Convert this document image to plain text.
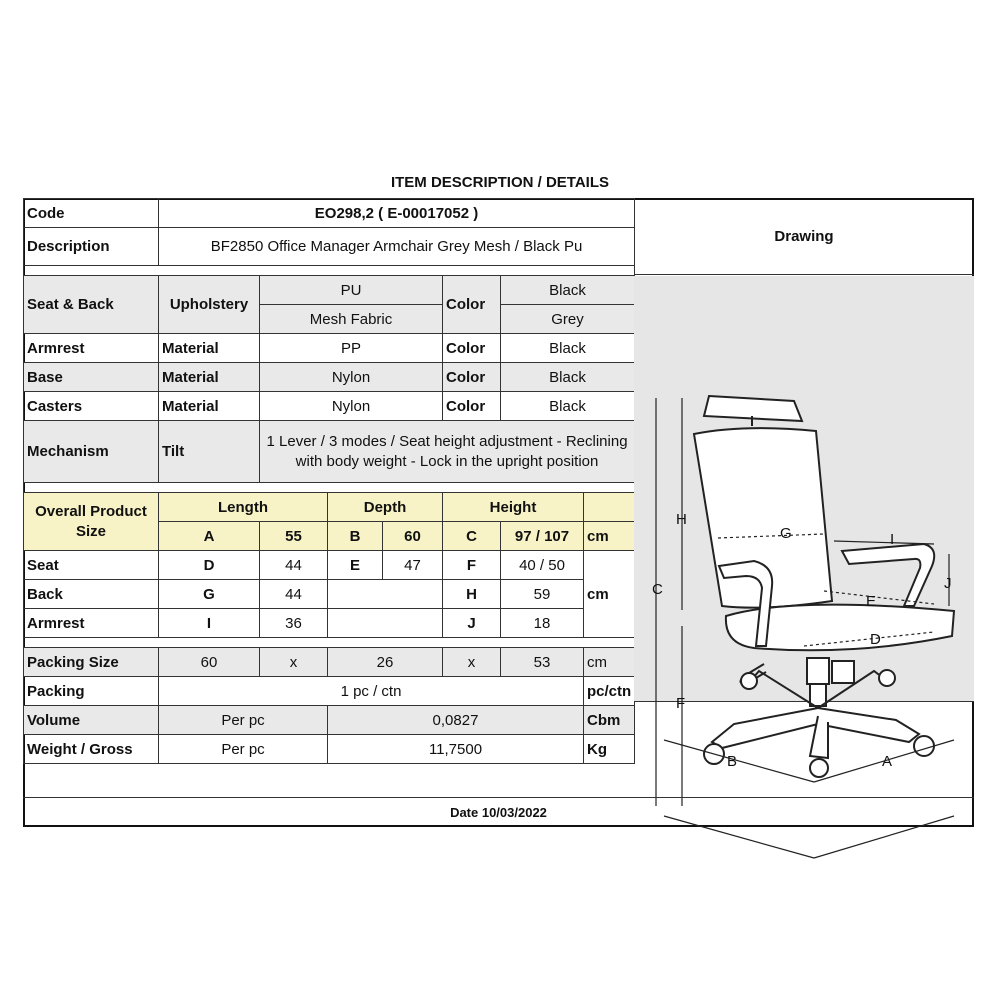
ITEM DESCRIPTION / DETAILS
Code	EO298,2 ( E-00017052 )						
Description	BF2850 Office Manager Armchair Grey Mesh / Black Pu						

Seat & Back	Upholstery	PU			Color	Black	
		Mesh Fabric				Grey	
Armrest	Material	PP			Color	Black	
Base	Material	Nylon			Color	Black	
Casters	Material	Nylon			Color	Black	
Mechanism	Tilt	1 Lever / 3 modes / Seat height adjustment - Reclining with body weight - Lock in the upright position					

Overall Product Size	Length		Depth		Height		
	A	55	B	60	C	97 / 107	cm
Seat	D	44	E	47	F	40 / 50	cm
Back	G	44			H	59	
Armrest	I	36			J	18	

Packing Size	60	x	26		x	53	cm
Packing	1 pc / ctn						pc/ctn
Volume	Per pc		0,0827				Cbm
Weight / Gross	Per pc		11,7500				Kg
Drawing
C
H
F
G	I
J
E
D
B	A
Date 10/03/2022
